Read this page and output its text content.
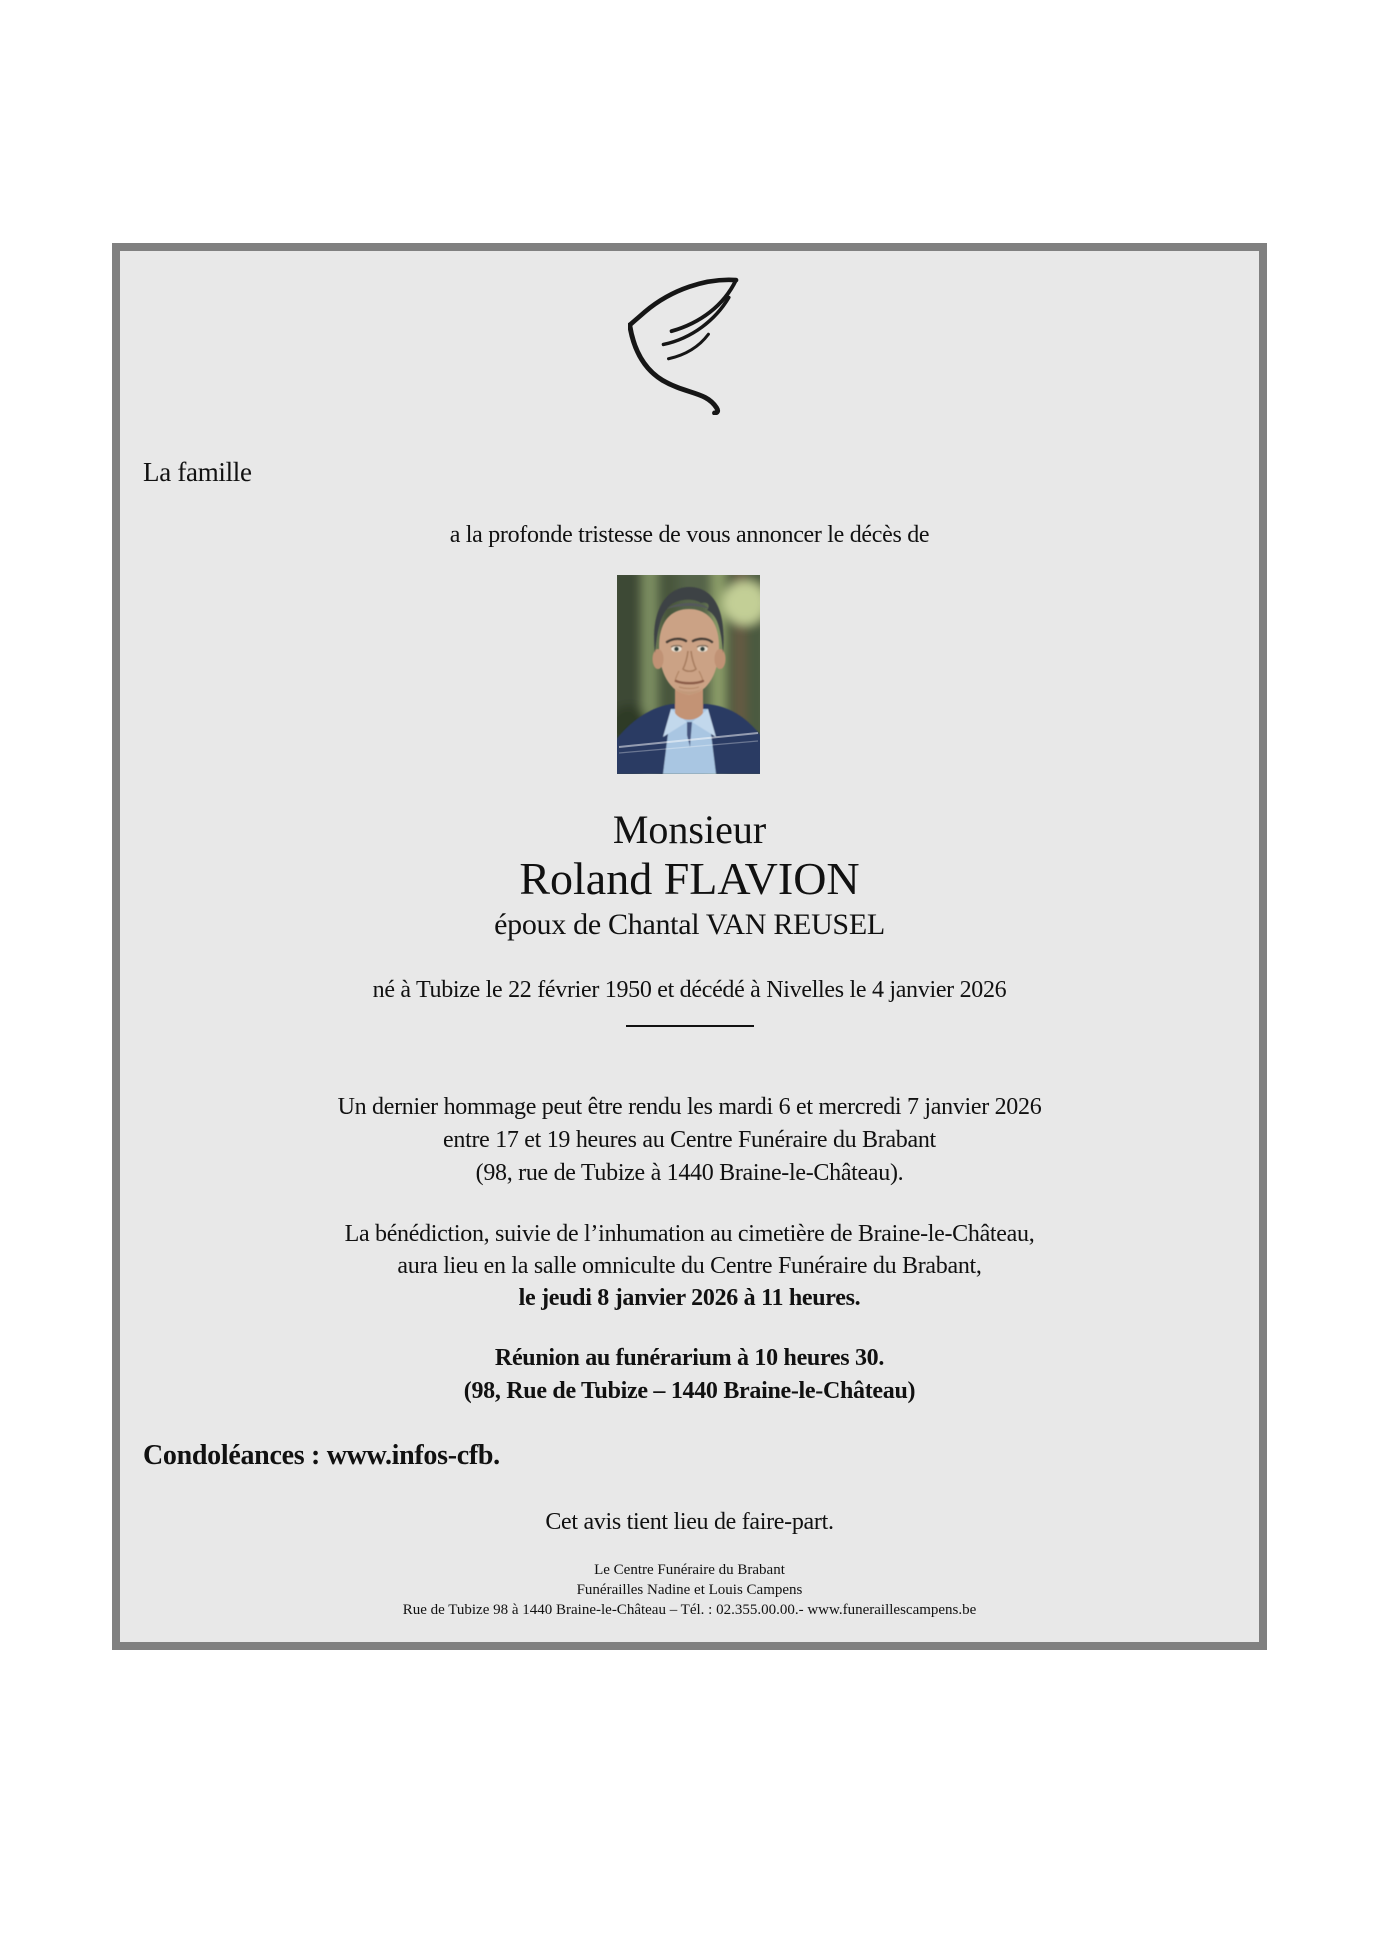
La famille
a la profonde tristesse de vous annoncer le décès de
Monsieur
Roland FLAVION
époux de Chantal VAN REUSEL
né à Tubize le 22 février 1950 et décédé à Nivelles le 4 janvier 2026
Un dernier hommage peut être rendu les mardi 6 et mercredi 7 janvier 2026
entre 17 et 19 heures au Centre Funéraire du Brabant
(98, rue de Tubize à 1440 Braine-le-Château).
La bénédiction, suivie de l’inhumation au cimetière de Braine-le-Château,
aura lieu en la salle omniculte du Centre Funéraire du Brabant,
le jeudi 8 janvier 2026 à 11 heures.
Réunion au funérarium à 10 heures 30.
(98, Rue de Tubize – 1440 Braine-le-Château)
Condoléances : www.infos-cfb.
Cet avis tient lieu de faire-part.
Le Centre Funéraire du Brabant
Funérailles Nadine et Louis Campens
Rue de Tubize 98 à 1440 Braine-le-Château – Tél. : 02.355.00.00.- www.funeraillescampens.be
